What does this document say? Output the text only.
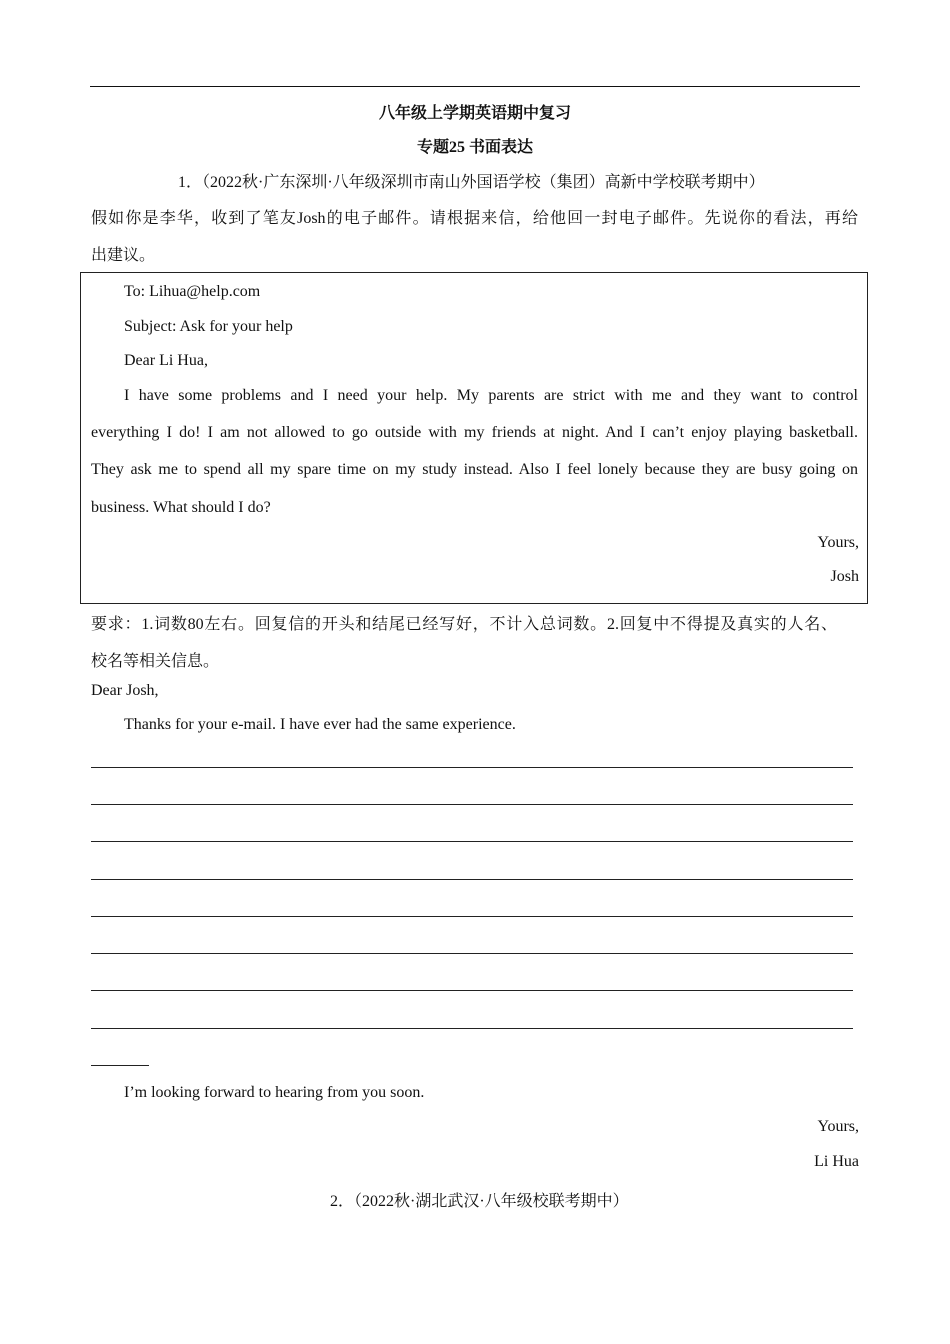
八年级上学期英语期中复习
专题25 书面表达
1．（2022秋·广东深圳·八年级深圳市南山外国语学校（集团）高新中学校联考期中）
假如你是李华，收到了笔友Josh的电子邮件。请根据来信，给他回一封电子邮件。先说你的看法，再给
出建议。
To: Lihua@help.com
Subject: Ask for your help
Dear Li Hua,
I have some problems and I need your help. My parents are strict with me and they want to control
everything I do! I am not allowed to go outside with my friends at night. And I can’t enjoy playing basketball.
They ask me to spend all my spare time on my study instead. Also I feel lonely because they are busy going on
business. What should I do?
Yours,
Josh
要求：1.词数80左右。回复信的开头和结尾已经写好，不计入总词数。2.回复中不得提及真实的人名、
校名等相关信息。
Dear Josh,
Thanks for your e-mail. I have ever had the same experience.
I’m looking forward to hearing from you soon.
Yours,
Li Hua
2．（2022秋·湖北武汉·八年级校联考期中）
